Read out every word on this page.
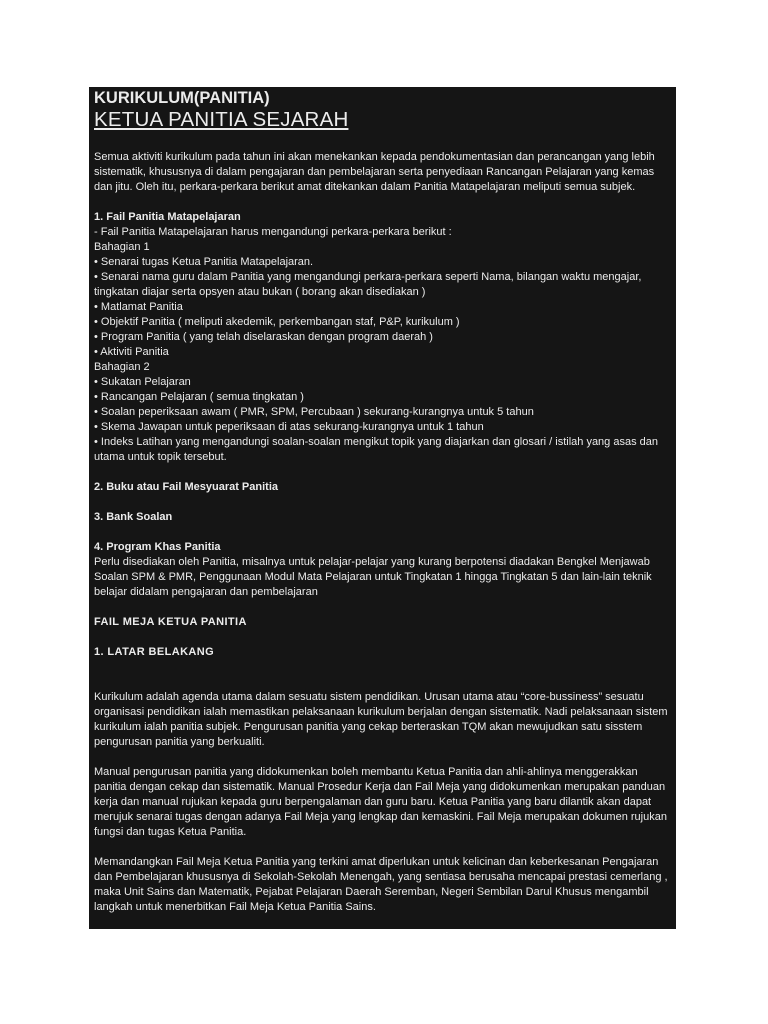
KURIKULUM(PANITIA)
KETUA PANITIA SEJARAH

Semua aktiviti kurikulum pada tahun ini akan menekankan kepada pendokumentasian dan perancangan yang lebih sistematik, khususnya di dalam pengajaran dan pembelajaran serta penyediaan Rancangan Pelajaran yang kemas dan jitu. Oleh itu, perkara-perkara berikut amat ditekankan dalam Panitia Matapelajaran meliputi semua subjek.

1. Fail Panitia Matapelajaran

- Fail Panitia Matapelajaran harus mengandungi perkara-perkara berikut :

Bahagian 1

• Senarai tugas Ketua Panitia Matapelajaran.

• Senarai nama guru dalam Panitia yang mengandungi perkara-perkara seperti Nama, bilangan waktu mengajar, tingkatan diajar serta opsyen atau bukan ( borang akan disediakan )

• Matlamat Panitia

• Objektif Panitia ( meliputi akedemik, perkembangan staf, P&P, kurikulum )

• Program Panitia ( yang telah diselaraskan dengan program daerah )

• Aktiviti Panitia

Bahagian 2

• Sukatan Pelajaran

• Rancangan Pelajaran ( semua tingkatan )

• Soalan peperiksaan awam ( PMR, SPM, Percubaan ) sekurang-kurangnya untuk 5 tahun

• Skema Jawapan untuk peperiksaan di atas sekurang-kurangnya untuk 1 tahun

• Indeks Latihan yang mengandungi soalan-soalan mengikut topik yang diajarkan dan glosari / istilah yang asas dan utama untuk topik tersebut.

2. Buku atau Fail Mesyuarat Panitia

3. Bank Soalan

4. Program Khas Panitia

Perlu disediakan oleh Panitia, misalnya untuk pelajar-pelajar yang kurang berpotensi diadakan Bengkel Menjawab Soalan SPM & PMR, Penggunaan Modul Mata Pelajaran untuk Tingkatan 1 hingga Tingkatan 5 dan lain-lain teknik belajar didalam pengajaran dan pembelajaran

FAIL MEJA KETUA PANITIA

1. LATAR BELAKANG

Kurikulum adalah agenda utama dalam sesuatu sistem pendidikan. Urusan utama atau “core-bussiness” sesuatu organisasi pendidikan ialah memastikan pelaksanaan kurikulum berjalan dengan sistematik. Nadi pelaksanaan sistem kurikulum ialah panitia subjek. Pengurusan panitia yang cekap berteraskan TQM akan mewujudkan satu sisstem pengurusan panitia yang berkualiti.

Manual pengurusan panitia yang didokumenkan boleh membantu Ketua Panitia dan ahli-ahlinya menggerakkan panitia dengan cekap dan sistematik. Manual Prosedur Kerja dan Fail Meja yang didokumenkan merupakan panduan kerja dan manual rujukan kepada guru berpengalaman dan guru baru. Ketua Panitia yang baru dilantik akan dapat merujuk senarai tugas dengan adanya Fail Meja yang lengkap dan kemaskini. Fail Meja merupakan dokumen rujukan fungsi dan tugas Ketua Panitia.

Memandangkan Fail Meja Ketua Panitia yang terkini amat diperlukan untuk kelicinan dan keberkesanan Pengajaran dan Pembelajaran khususnya di Sekolah-Sekolah Menengah, yang sentiasa berusaha mencapai prestasi cemerlang , maka Unit Sains dan Matematik, Pejabat Pelajaran Daerah Seremban, Negeri Sembilan Darul Khusus mengambil langkah untuk menerbitkan Fail Meja Ketua Panitia Sains.
